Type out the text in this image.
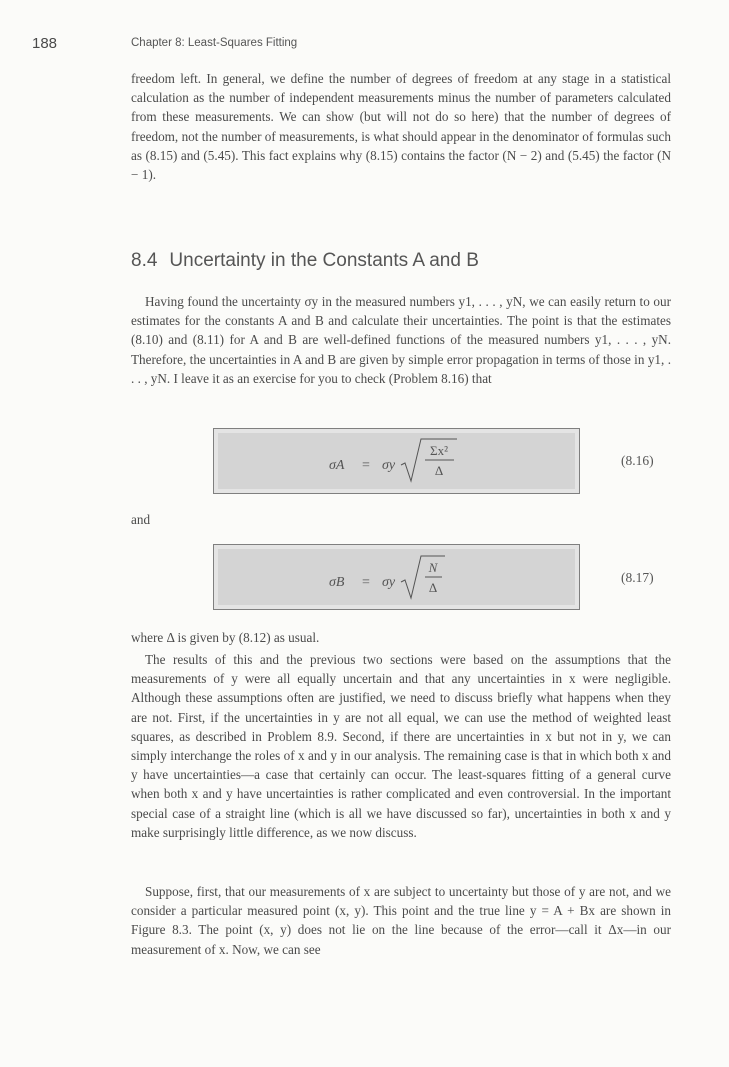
188	Chapter 8: Least-Squares Fitting

freedom left. In general, we define the number of degrees of freedom at any stage in a statistical calculation as the number of independent measurements minus the number of parameters calculated from these measurements. We can show (but will not do so here) that the number of degrees of freedom, not the number of measurements, is what should appear in the denominator of formulas such as (8.15) and (5.45). This fact explains why (8.15) contains the factor (N − 2) and (5.45) the factor (N − 1).

8.4 Uncertainty in the Constants A and B

Having found the uncertainty σy in the measured numbers y1, . . . , yN, we can easily return to our estimates for the constants A and B and calculate their uncertainties. The point is that the estimates (8.10) and (8.11) for A and B are well-defined functions of the measured numbers y1, . . . , yN. Therefore, the uncertainties in A and B are given by simple error propagation in terms of those in y1, . . . , yN. I leave it as an exercise for you to check (Problem 8.16) that

σA = σy
Σx²
Δ
(8.16)
and
σB = σy
N
Δ
(8.17)
where Δ is given by (8.12) as usual.

The results of this and the previous two sections were based on the assumptions that the measurements of y were all equally uncertain and that any uncertainties in x were negligible. Although these assumptions often are justified, we need to discuss briefly what happens when they are not. First, if the uncertainties in y are not all equal, we can use the method of weighted least squares, as described in Problem 8.9. Second, if there are uncertainties in x but not in y, we can simply interchange the roles of x and y in our analysis. The remaining case is that in which both x and y have uncertainties—a case that certainly can occur. The least-squares fitting of a general curve when both x and y have uncertainties is rather complicated and even controversial. In the important special case of a straight line (which is all we have discussed so far), uncertainties in both x and y make surprisingly little difference, as we now discuss.

Suppose, first, that our measurements of x are subject to uncertainty but those of y are not, and we consider a particular measured point (x, y). This point and the true line y = A + Bx are shown in Figure 8.3. The point (x, y) does not lie on the line because of the error—call it Δx—in our measurement of x. Now, we can see
